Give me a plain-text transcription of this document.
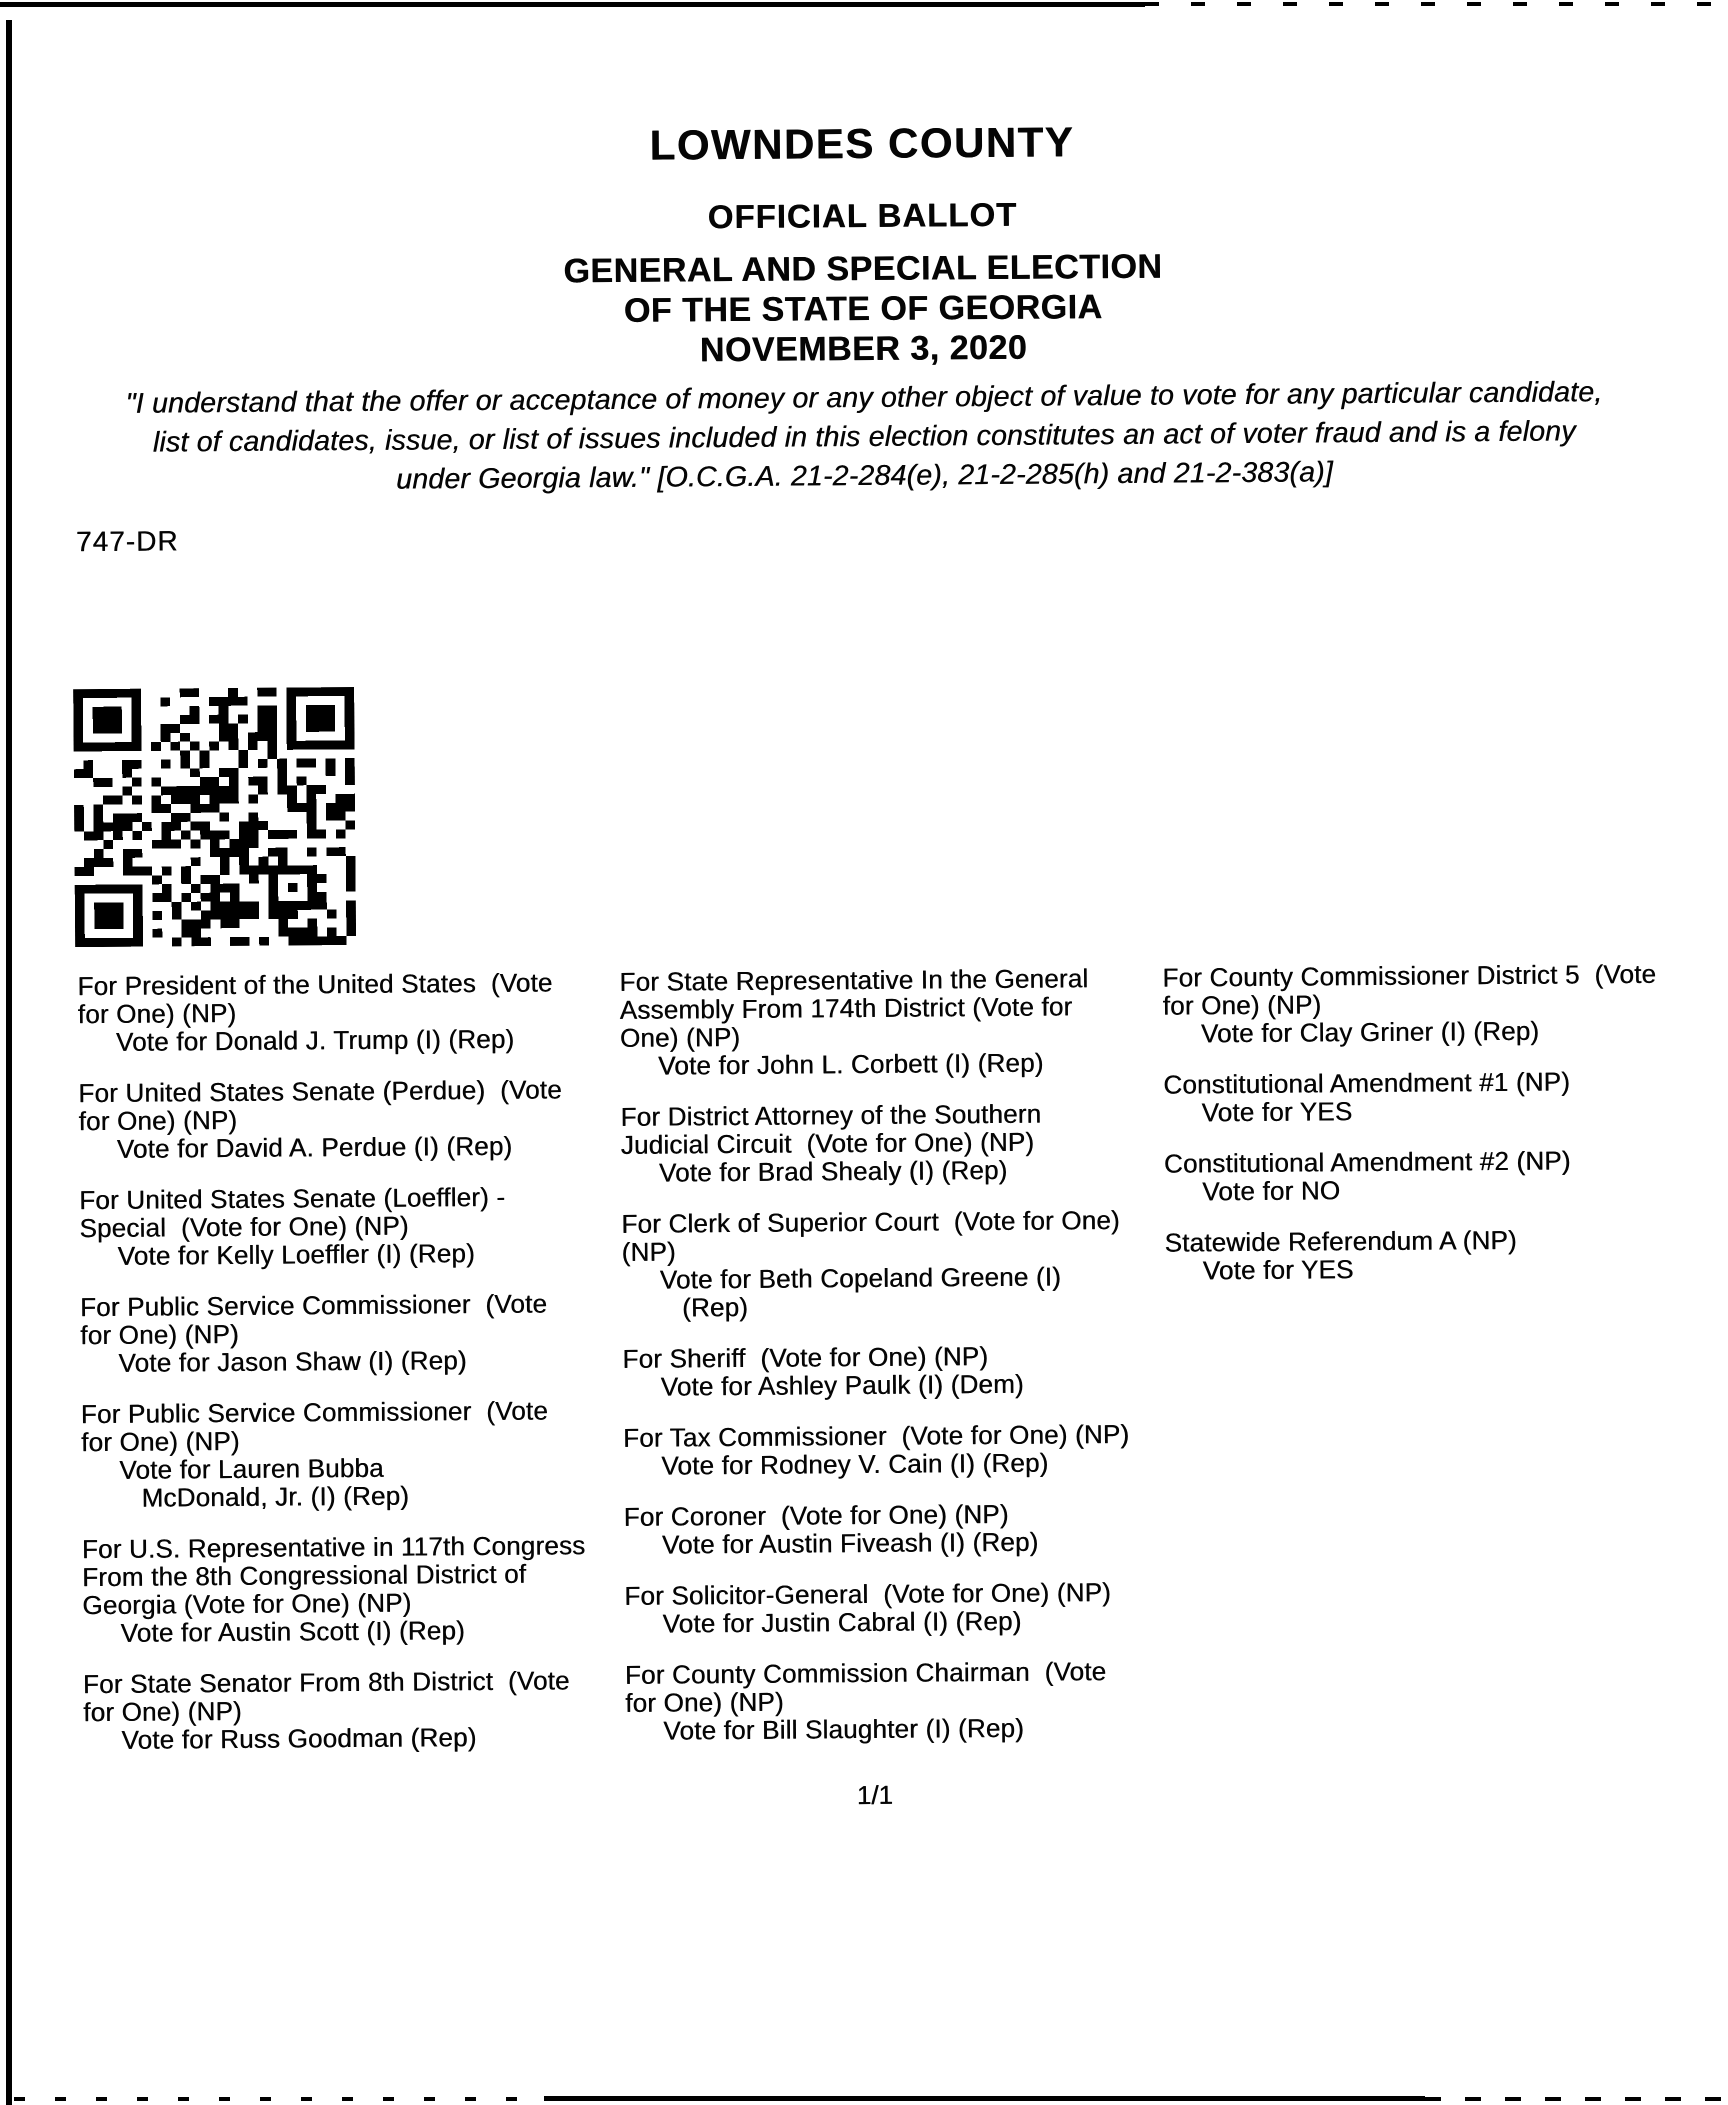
LOWNDES COUNTY
OFFICIAL BALLOT
GENERAL AND SPECIAL ELECTION
OF THE STATE OF GEORGIA
NOVEMBER 3, 2020
"I understand that the offer or acceptance of money or any other object of value to vote for any particular candidate,
list of candidates, issue, or list of issues included in this election constitutes an act of voter fraud and is a felony
under Georgia law." [O.C.G.A. 21-2-284(e), 21-2-285(h) and 21-2-383(a)]
747-DR
For President of the United States  (Vote
for One) (NP)
Vote for Donald J. Trump (I) (Rep)
For United States Senate (Perdue)  (Vote
for One) (NP)
Vote for David A. Perdue (I) (Rep)
For United States Senate (Loeffler) -
Special  (Vote for One) (NP)
Vote for Kelly Loeffler (I) (Rep)
For Public Service Commissioner  (Vote
for One) (NP)
Vote for Jason Shaw (I) (Rep)
For Public Service Commissioner  (Vote
for One) (NP)
Vote for Lauren Bubba
McDonald, Jr. (I) (Rep)
For U.S. Representative in 117th Congress
From the 8th Congressional District of
Georgia (Vote for One) (NP)
Vote for Austin Scott (I) (Rep)
For State Senator From 8th District  (Vote
for One) (NP)
Vote for Russ Goodman (Rep)
For State Representative In the General
Assembly From 174th District (Vote for
One) (NP)
Vote for John L. Corbett (I) (Rep)
For District Attorney of the Southern
Judicial Circuit  (Vote for One) (NP)
Vote for Brad Shealy (I) (Rep)
For Clerk of Superior Court  (Vote for One)
(NP)
Vote for Beth Copeland Greene (I)
(Rep)
For Sheriff  (Vote for One) (NP)
Vote for Ashley Paulk (I) (Dem)
For Tax Commissioner  (Vote for One) (NP)
Vote for Rodney V. Cain (I) (Rep)
For Coroner  (Vote for One) (NP)
Vote for Austin Fiveash (I) (Rep)
For Solicitor-General  (Vote for One) (NP)
Vote for Justin Cabral (I) (Rep)
For County Commission Chairman  (Vote
for One) (NP)
Vote for Bill Slaughter (I) (Rep)
For County Commissioner District 5  (Vote
for One) (NP)
Vote for Clay Griner (I) (Rep)
Constitutional Amendment #1 (NP)
Vote for YES
Constitutional Amendment #2 (NP)
Vote for NO
Statewide Referendum A (NP)
Vote for YES
1/1
